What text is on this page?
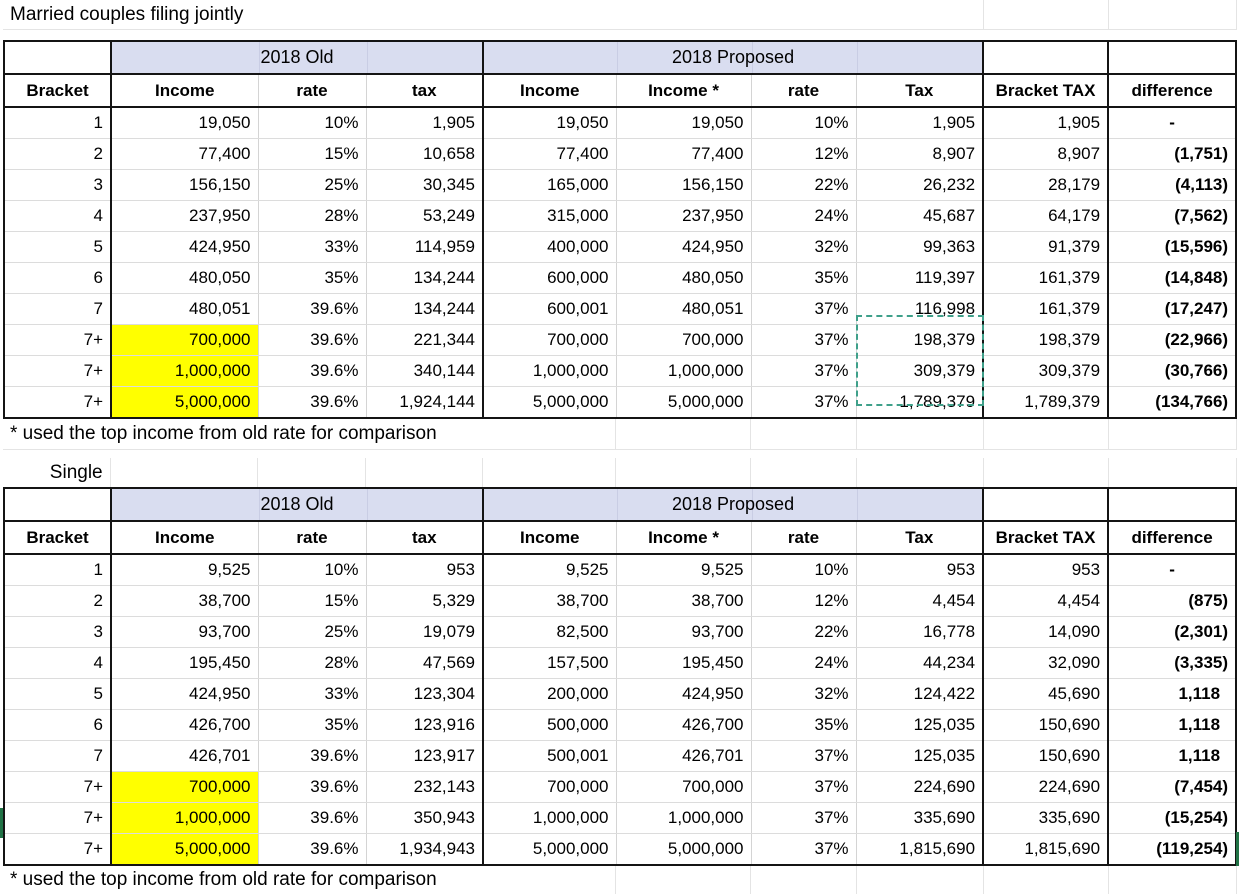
Married couples filing jointly		
	2018 Old			2018 Proposed					
Bracket	Income	rate	tax	Income	Income *	rate	Tax	Bracket TAX	difference
1	19,050	10%	1,905	19,050	19,050	10%	1,905	1,905	-
2	77,400	15%	10,658	77,400	77,400	12%	8,907	8,907	(1,751)
3	156,150	25%	30,345	165,000	156,150	22%	26,232	28,179	(4,113)
4	237,950	28%	53,249	315,000	237,950	24%	45,687	64,179	(7,562)
5	424,950	33%	114,959	400,000	424,950	32%	99,363	91,379	(15,596)
6	480,050	35%	134,244	600,000	480,050	35%	119,397	161,379	(14,848)
7	480,051	39.6%	134,244	600,001	480,051	37%	116,998	161,379	(17,247)
7+	700,000	39.6%	221,344	700,000	700,000	37%	198,379	198,379	(22,966)
7+	1,000,000	39.6%	340,144	1,000,000	1,000,000	37%	309,379	309,379	(30,766)
7+	5,000,000	39.6%	1,924,144	5,000,000	5,000,000	37%	1,789,379	1,789,379	(134,766)
* used the top income from old rate for comparison					
Single									
	2018 Old			2018 Proposed					
Bracket	Income	rate	tax	Income	Income *	rate	Tax	Bracket TAX	difference
1	9,525	10%	953	9,525	9,525	10%	953	953	-
2	38,700	15%	5,329	38,700	38,700	12%	4,454	4,454	(875)
3	93,700	25%	19,079	82,500	93,700	22%	16,778	14,090	(2,301)
4	195,450	28%	47,569	157,500	195,450	24%	44,234	32,090	(3,335)
5	424,950	33%	123,304	200,000	424,950	32%	124,422	45,690	1,118
6	426,700	35%	123,916	500,000	426,700	35%	125,035	150,690	1,118
7	426,701	39.6%	123,917	500,001	426,701	37%	125,035	150,690	1,118
7+	700,000	39.6%	232,143	700,000	700,000	37%	224,690	224,690	(7,454)
7+	1,000,000	39.6%	350,943	1,000,000	1,000,000	37%	335,690	335,690	(15,254)
7+	5,000,000	39.6%	1,934,943	5,000,000	5,000,000	37%	1,815,690	1,815,690	(119,254)
* used the top income from old rate for comparison					
